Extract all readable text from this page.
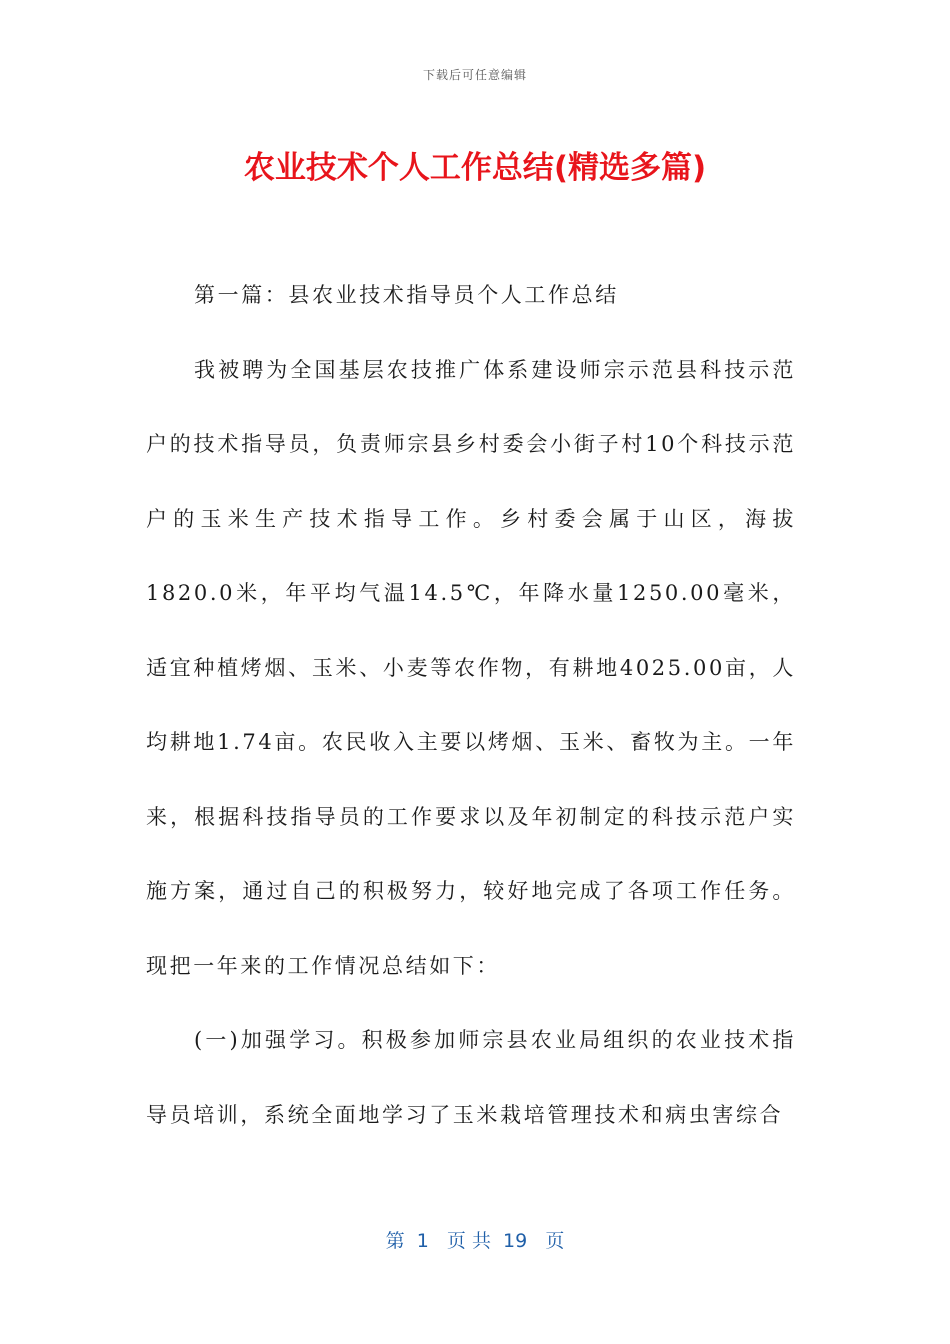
下载后可任意编辑
农业技术个人工作总结(精选多篇)

第一篇：县农业技术指导员个人工作总结

我被聘为全国基层农技推广体系建设师宗示范县科技示范户的技术指导员，负责师宗县乡村委会小街子村10个科技示范户的玉米生产技术指导工作。乡村委会属于山区，海拔1820.0米，年平均气温14.5℃，年降水量1250.00毫米，适宜种植烤烟、玉米、小麦等农作物，有耕地4025.00亩，人均耕地1.74亩。农民收入主要以烤烟、玉米、畜牧为主。一年来，根据科技指导员的工作要求以及年初制定的科技示范户实施方案，通过自己的积极努力，较好地完成了各项工作任务。现把一年来的工作情况总结如下：

(一)加强学习。积极参加师宗县农业局组织的农业技术指导员培训，系统全面地学习了玉米栽培管理技术和病虫害综合

第  1   页 共  19   页
